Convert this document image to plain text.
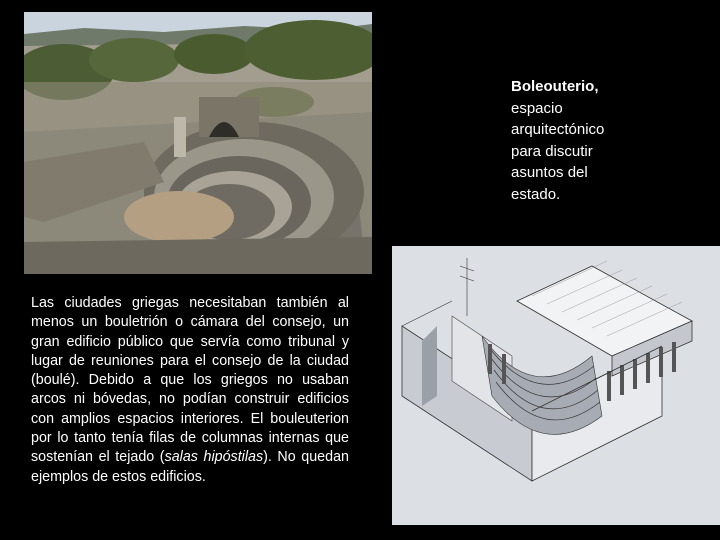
Boleouterio,
espacio arquitectónico para discutir asuntos del estado.
Las ciudades griegas necesitaban también al menos un bouletrión o cámara del consejo, un gran edificio público que servía como tribunal y lugar de reuniones para el consejo de la ciudad (boulé). Debido a que los griegos no usaban arcos ni bóvedas, no podían construir edificios con amplios espacios interiores. El bouleuterion por lo tanto tenía filas de columnas internas que sostenían el tejado (salas hipóstilas). No quedan ejemplos de estos edificios.
